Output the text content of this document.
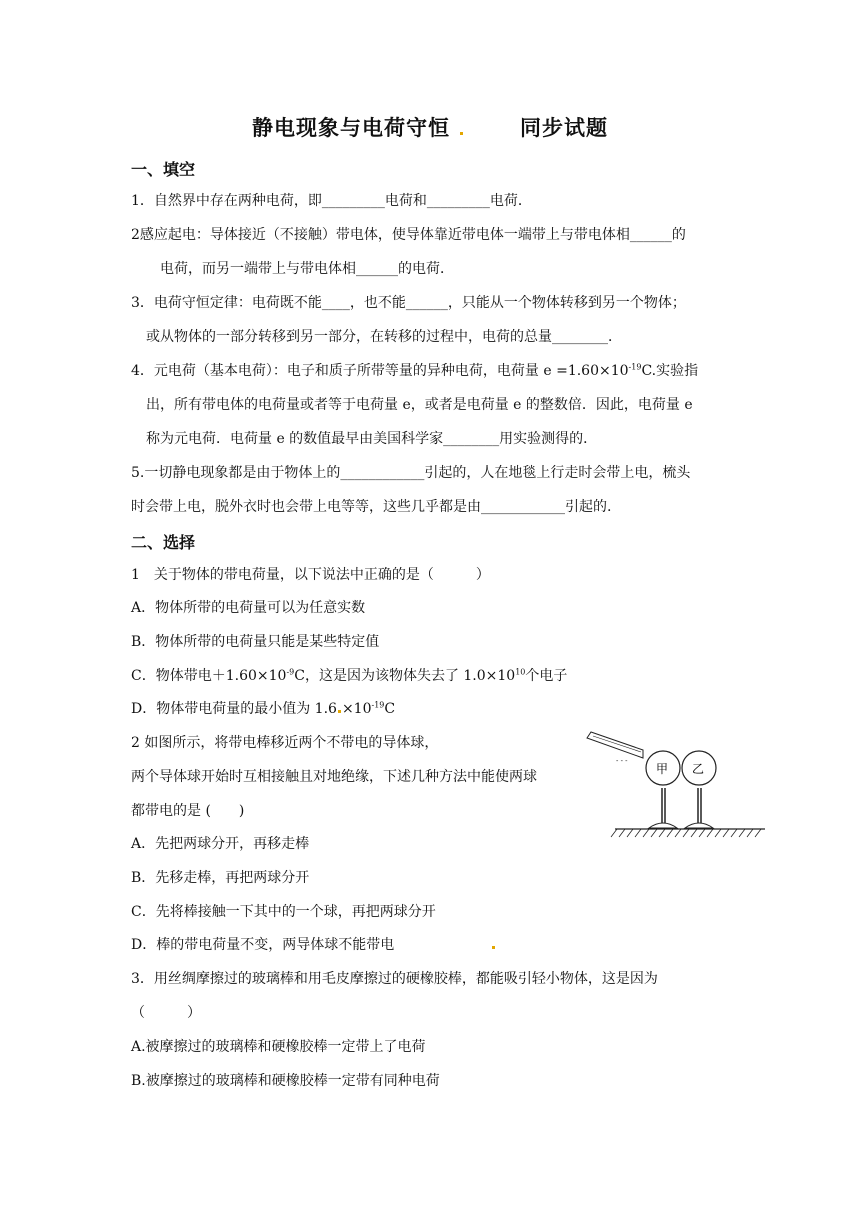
静电现象与电荷守恒	同步试题
一、填空
1．自然界中存在两种电荷，即_________电荷和_________电荷．
2感应起电：导体接近（不接触）带电体，使导体靠近带电体一端带上与带电体相______的
电荷，而另一端带上与带电体相______的电荷．
3．电荷守恒定律：电荷既不能____，也不能______，只能从一个物体转移到另一个物体；
或从物体的一部分转移到另一部分，在转移的过程中，电荷的总量________．
4．元电荷（基本电荷）：电子和质子所带等量的异种电荷，电荷量 $e =1.60\times 10^{-19}C$.实验指
出，所有带电体的电荷量或者等于电荷量 e，或者是电荷量 e 的整数倍．因此，电荷量 e
称为元电荷．电荷量 e 的数值最早由美国科学家________用实验测得的．
5.一切静电现象都是由于物体上的____________引起的，人在地毯上行走时会带上电，梳头
时会带上电，脱外衣时也会带上电等等，这些几乎都是由____________引起的.
二、选择
1　关于物体的带电荷量，以下说法中正确的是（　　　）
A．物体所带的电荷量可以为任意实数
B．物体所带的电荷量只能是某些特定值
C．物体带电$+1.60\times 10^{-9}C$，这是因为该物体失去了 $1.0\times 10^{10}$个电子
D．物体带电荷量的最小值为 $1.6 \times 10^{-19}C$
2 如图所示，将带电棒移近两个不带电的导体球，
两个导体球开始时互相接触且对地绝缘，下述几种方法中能使两球
都带电的是 (　　)
A．先把两球分开，再移走棒
B．先移走棒，再把两球分开
C．先将棒接触一下其中的一个球，再把两球分开
D．棒的带电荷量不变，两导体球不能带电
- - -
甲 乙
3．用丝绸摩擦过的玻璃棒和用毛皮摩擦过的硬橡胶棒，都能吸引轻小物体，这是因为
（　　　）
A.被摩擦过的玻璃棒和硬橡胶棒一定带上了电荷
B.被摩擦过的玻璃棒和硬橡胶棒一定带有同种电荷
